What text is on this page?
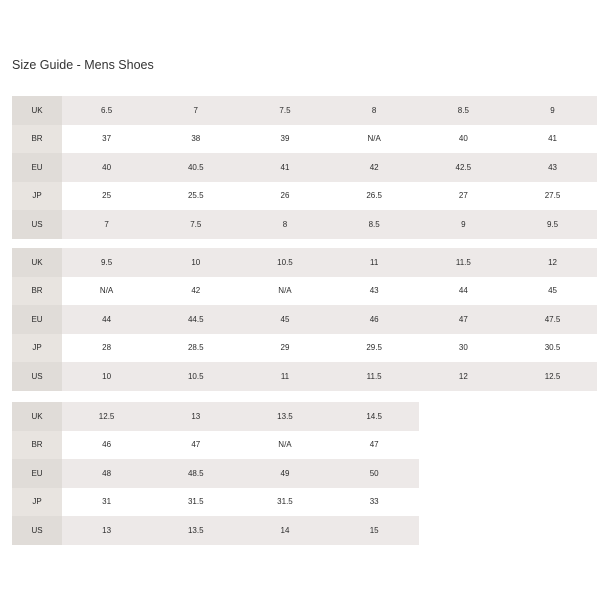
Size Guide - Mens Shoes
UK	6.5	7	7.5	8	8.5	9
BR	37	38	39	N/A	40	41
EU	40	40.5	41	42	42.5	43
JP	25	25.5	26	26.5	27	27.5
US	7	7.5	8	8.5	9	9.5
UK	9.5	10	10.5	11	11.5	12
BR	N/A	42	N/A	43	44	45
EU	44	44.5	45	46	47	47.5
JP	28	28.5	29	29.5	30	30.5
US	10	10.5	11	11.5	12	12.5
UK	12.5	13	13.5	14.5
BR	46	47	N/A	47
EU	48	48.5	49	50
JP	31	31.5	31.5	33
US	13	13.5	14	15
